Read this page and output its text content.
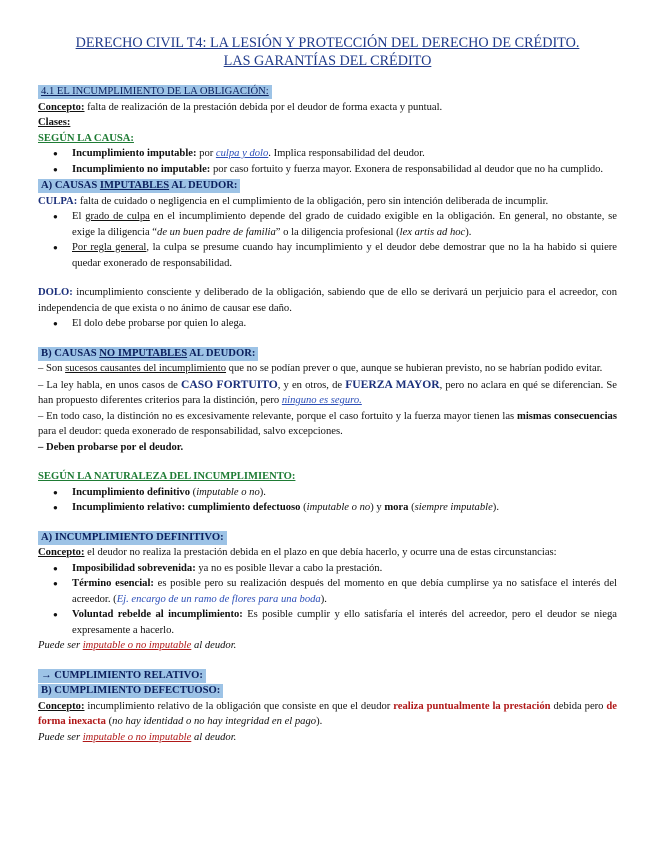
DERECHO CIVIL T4: LA LESIÓN Y PROTECCIÓN DEL DERECHO DE CRÉDITO.
LAS GARANTÍAS DEL CRÉDITO
4.1 EL INCUMPLIMIENTO DE LA OBLIGACIÓN:

Concepto: falta de realización de la prestación debida por el deudor de forma exacta y puntual.

Clases:

SEGÚN LA CAUSA:

● Incumplimiento imputable: por culpa y dolo. Implica responsabilidad del deudor.
● Incumplimiento no imputable: por caso fortuito y fuerza mayor. Exonera de responsabilidad al deudor que no ha cumplido.
A) CAUSAS IMPUTABLES AL DEUDOR:

CULPA: falta de cuidado o negligencia en el cumplimiento de la obligación, pero sin intención deliberada de incumplir.

● El grado de culpa en el incumplimiento depende del grado de cuidado exigible en la obligación. En general, no obstante, se exige la diligencia “de un buen padre de familia” o la diligencia profesional (lex artis ad hoc).
● Por regla general, la culpa se presume cuando hay incumplimiento y el deudor debe demostrar que no la ha habido si quiere quedar exonerado de responsabilidad.

DOLO: incumplimiento consciente y deliberado de la obligación, sabiendo que de ello se derivará un perjuicio para el acreedor, con independencia de que exista o no ánimo de causar ese daño.

● El dolo debe probarse por quien lo alega.
B) CAUSAS NO IMPUTABLES AL DEUDOR:

– Son sucesos causantes del incumplimiento que no se podían prever o que, aunque se hubieran previsto, no se habrían podido evitar.

– La ley habla, en unos casos de CASO FORTUITO, y en otros, de FUERZA MAYOR, pero no aclara en qué se diferencian. Se han propuesto diferentes criterios para la distinción, pero ninguno es seguro.

– En todo caso, la distinción no es excesivamente relevante, porque el caso fortuito y la fuerza mayor tienen las mismas consecuencias para el deudor: queda exonerado de responsabilidad, salvo excepciones.

– Deben probarse por el deudor.

SEGÚN LA NATURALEZA DEL INCUMPLIMIENTO:

● Incumplimiento definitivo (imputable o no).
● Incumplimiento relativo: cumplimiento defectuoso (imputable o no) y mora (siempre imputable).
A) INCUMPLIMIENTO DEFINITIVO:

Concepto: el deudor no realiza la prestación debida en el plazo en que debía hacerlo, y ocurre una de estas circunstancias:

● Imposibilidad sobrevenida: ya no es posible llevar a cabo la prestación.
● Término esencial: es posible pero su realización después del momento en que debía cumplirse ya no satisface el interés del acreedor. (Ej. encargo de un ramo de flores para una boda).
● Voluntad rebelde al incumplimiento: Es posible cumplir y ello satisfaría el interés del acreedor, pero el deudor se niega expresamente a hacerlo.

Puede ser imputable o no imputable al deudor.

→ CUMPLIMIENTO RELATIVO:
B) CUMPLIMIENTO DEFECTUOSO:

Concepto: incumplimiento relativo de la obligación que consiste en que el deudor realiza puntualmente la prestación debida pero de forma inexacta (no hay identidad o no hay integridad en el pago).

Puede ser imputable o no imputable al deudor.
